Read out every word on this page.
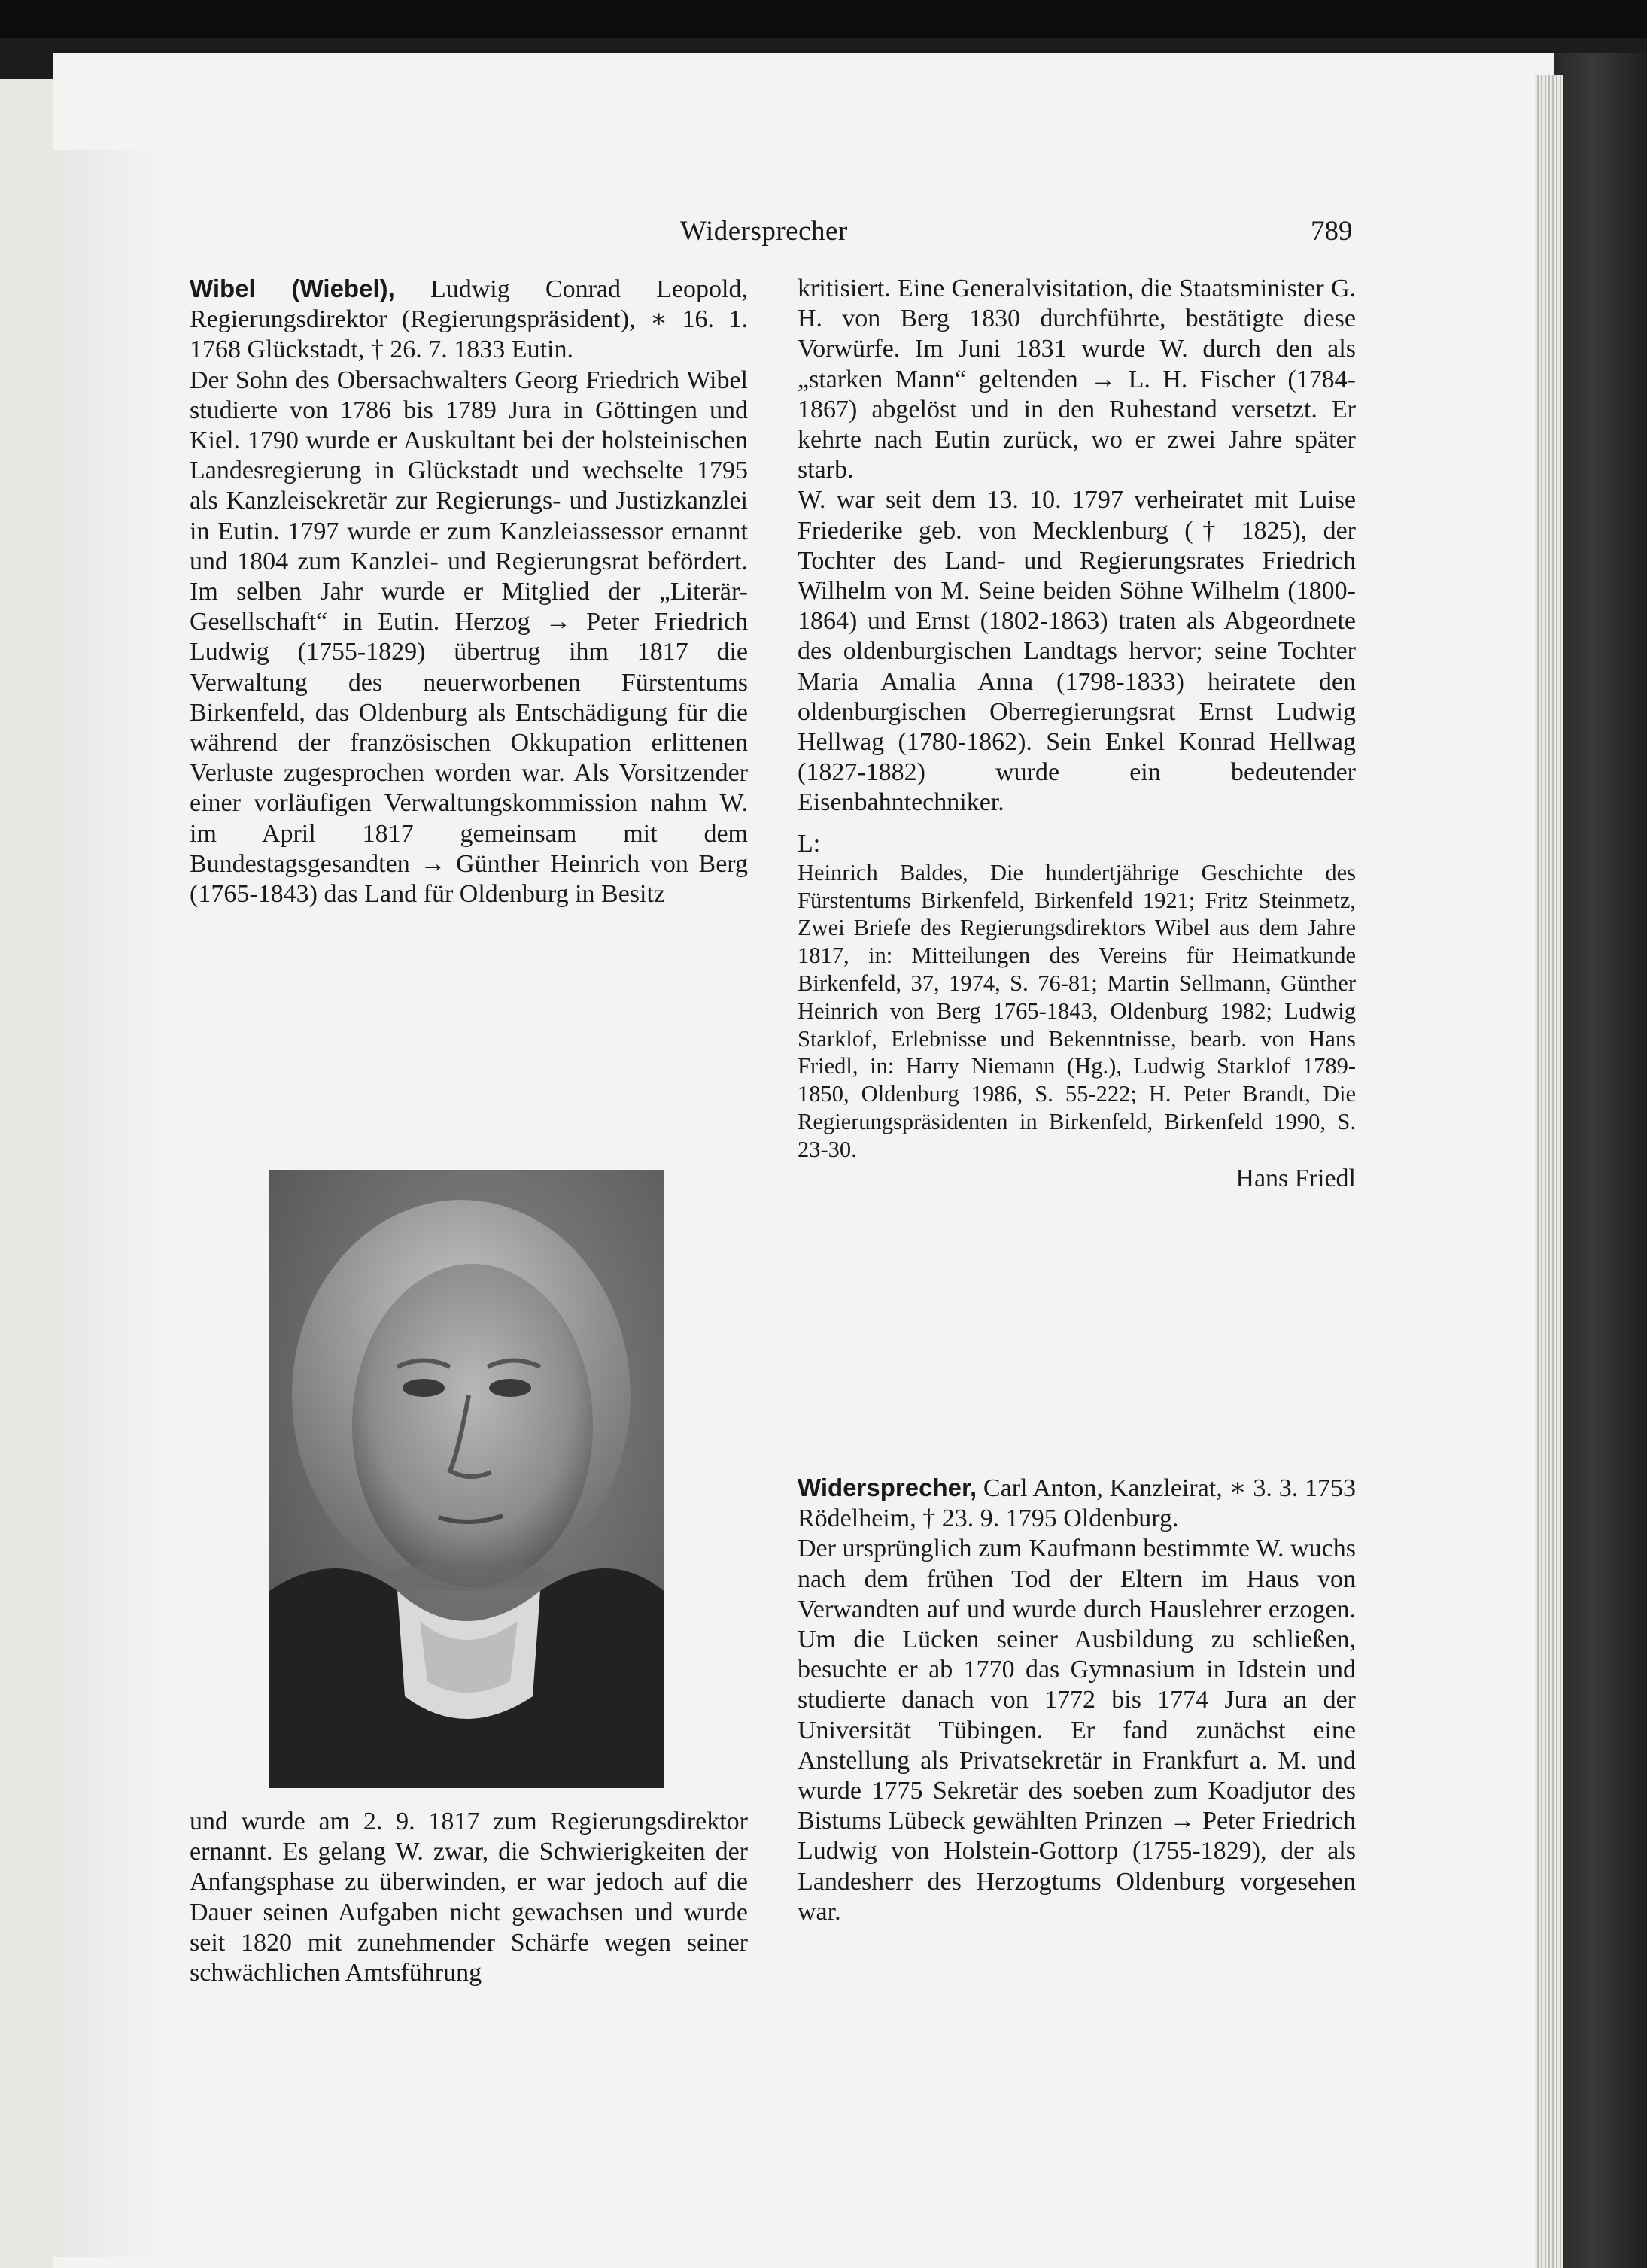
Widersprecher	789

Wibel (Wiebel), Ludwig Conrad Leopold, Regierungsdirektor (Regierungspräsident), ∗ 16. 1. 1768 Glückstadt, † 26. 7. 1833 Eutin.

Der Sohn des Obersachwalters Georg Friedrich Wibel studierte von 1786 bis 1789 Jura in Göttingen und Kiel. 1790 wurde er Auskultant bei der holsteinischen Landesregierung in Glückstadt und wechselte 1795 als Kanzleisekretär zur Regierungs- und Justizkanzlei in Eutin. 1797 wurde er zum Kanzleiassessor ernannt und 1804 zum Kanzlei- und Regierungsrat befördert. Im selben Jahr wurde er Mitglied der „Literär-Gesellschaft“ in Eutin. Herzog → Peter Friedrich Ludwig (1755-1829) übertrug ihm 1817 die Verwaltung des neuerworbenen Fürstentums Birkenfeld, das Oldenburg als Entschädigung für die während der französischen Okkupation erlittenen Verluste zugesprochen worden war. Als Vorsitzender einer vorläufigen Verwaltungskommission nahm W. im April 1817 gemeinsam mit dem Bundestagsgesandten → Günther Heinrich von Berg (1765-1843) das Land für Oldenburg in Besitz

und wurde am 2. 9. 1817 zum Regierungsdirektor ernannt. Es gelang W. zwar, die Schwierigkeiten der Anfangsphase zu überwinden, er war jedoch auf die Dauer seinen Aufgaben nicht gewachsen und wurde seit 1820 mit zunehmender Schärfe wegen seiner schwächlichen Amtsführung

kritisiert. Eine Generalvisitation, die Staatsminister G. H. von Berg 1830 durchführte, bestätigte diese Vorwürfe. Im Juni 1831 wurde W. durch den als „starken Mann“ geltenden → L. H. Fischer (1784-1867) abgelöst und in den Ruhestand versetzt. Er kehrte nach Eutin zurück, wo er zwei Jahre später starb.

W. war seit dem 13. 10. 1797 verheiratet mit Luise Friederike geb. von Mecklenburg († 1825), der Tochter des Land- und Regierungsrates Friedrich Wilhelm von M. Seine beiden Söhne Wilhelm (1800-1864) und Ernst (1802-1863) traten als Abgeordnete des oldenburgischen Landtags hervor; seine Tochter Maria Amalia Anna (1798-1833) heiratete den oldenburgischen Oberregierungsrat Ernst Ludwig Hellwag (1780-1862). Sein Enkel Konrad Hellwag (1827-1882) wurde ein bedeutender Eisenbahntechniker.

L:

Heinrich Baldes, Die hundertjährige Geschichte des Fürstentums Birkenfeld, Birkenfeld 1921; Fritz Steinmetz, Zwei Briefe des Regierungsdirektors Wibel aus dem Jahre 1817, in: Mitteilungen des Vereins für Heimatkunde Birkenfeld, 37, 1974, S. 76-81; Martin Sellmann, Günther Heinrich von Berg 1765-1843, Oldenburg 1982; Ludwig Starklof, Erlebnisse und Bekenntnisse, bearb. von Hans Friedl, in: Harry Niemann (Hg.), Ludwig Starklof 1789-1850, Oldenburg 1986, S. 55-222; H. Peter Brandt, Die Regierungspräsidenten in Birkenfeld, Birkenfeld 1990, S. 23-30.

Hans Friedl

Widersprecher, Carl Anton, Kanzleirat, ∗ 3. 3. 1753 Rödelheim, † 23. 9. 1795 Oldenburg.

Der ursprünglich zum Kaufmann bestimmte W. wuchs nach dem frühen Tod der Eltern im Haus von Verwandten auf und wurde durch Hauslehrer erzogen. Um die Lücken seiner Ausbildung zu schließen, besuchte er ab 1770 das Gymnasium in Idstein und studierte danach von 1772 bis 1774 Jura an der Universität Tübingen. Er fand zunächst eine Anstellung als Privatsekretär in Frankfurt a. M. und wurde 1775 Sekretär des soeben zum Koadjutor des Bistums Lübeck gewählten Prinzen → Peter Friedrich Ludwig von Holstein-Gottorp (1755-1829), der als Landesherr des Herzogtums Oldenburg vorgesehen war.
